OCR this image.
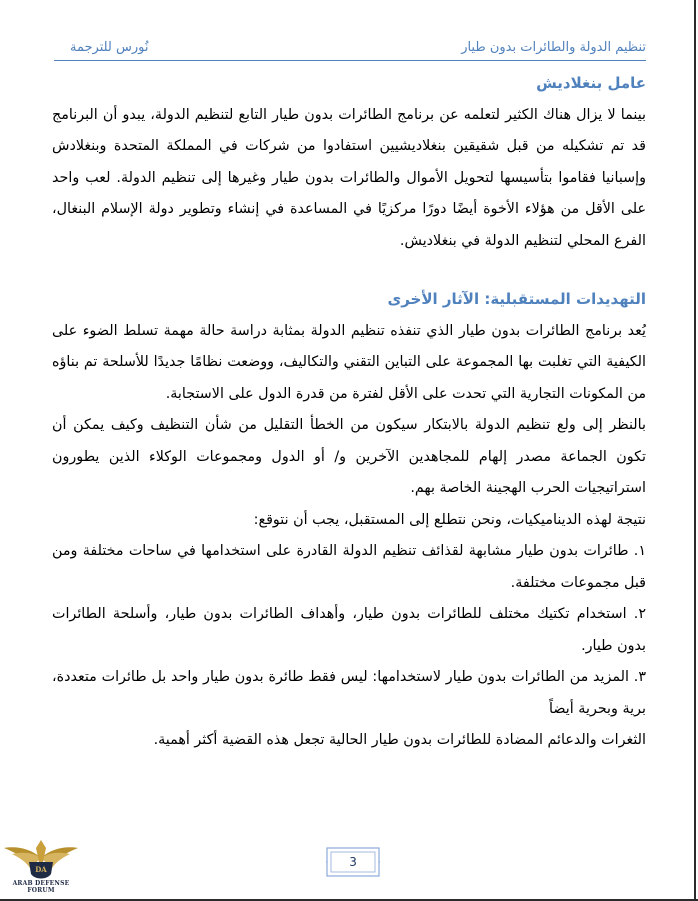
تنظيم الدولة والطائرات بدون طيار
نُورس للترجمة
عامل بنغلاديش

بينما لا يزال هناك الكثير لتعلمه عن برنامج الطائرات بدون طيار التابع لتنظيم الدولة، يبدو أن البرنامج قد تم تشكيله من قبل شقيقين بنغلاديشيين استفادوا من شركات في المملكة المتحدة وبنغلادش وإسبانيا فقاموا بتأسيسها لتحويل الأموال والطائرات بدون طيار وغيرها إلى تنظيم الدولة. لعب واحد على الأقل من هؤلاء الأخوة أيضًا دورًا مركزيًا في المساعدة في إنشاء وتطوير دولة الإسلام البنغال، الفرع المحلي لتنظيم الدولة في بنغلاديش.

التهديدات المستقبلية: الآثار الأخرى

يُعد برنامج الطائرات بدون طيار الذي تنفذه تنظيم الدولة بمثابة دراسة حالة مهمة تسلط الضوء على الكيفية التي تغلبت بها المجموعة على التباين التقني والتكاليف، ووضعت نظامًا جديدًا للأسلحة تم بناؤه من المكونات التجارية التي تحدت على الأقل لفترة من قدرة الدول على الاستجابة.

بالنظر إلى ولع تنظيم الدولة بالابتكار سيكون من الخطأ التقليل من شأن التنظيف وكيف يمكن أن تكون الجماعة مصدر إلهام للمجاهدين الآخرين و/ أو الدول ومجموعات الوكلاء الذين يطورون استراتيجيات الحرب الهجينة الخاصة بهم.

نتيجة لهذه الديناميكيات، ونحن نتطلع إلى المستقبل، يجب أن نتوقع:

١. طائرات بدون طيار مشابهة لقذائف تنظيم الدولة القادرة على استخدامها في ساحات مختلفة ومن قبل مجموعات مختلفة.

٢. استخدام تكتيك مختلف للطائرات بدون طيار، وأهداف الطائرات بدون طيار، وأسلحة الطائرات بدون طيار.

٣. المزيد من الطائرات بدون طيار لاستخدامها: ليس فقط طائرة بدون طيار واحد بل طائرات متعددة، برية وبحرية أيضاً

الثغرات والدعائم المضادة للطائرات بدون طيار الحالية تجعل هذه القضية أكثر أهمية.

3
DA
ARAB DEFENSE FORUM
